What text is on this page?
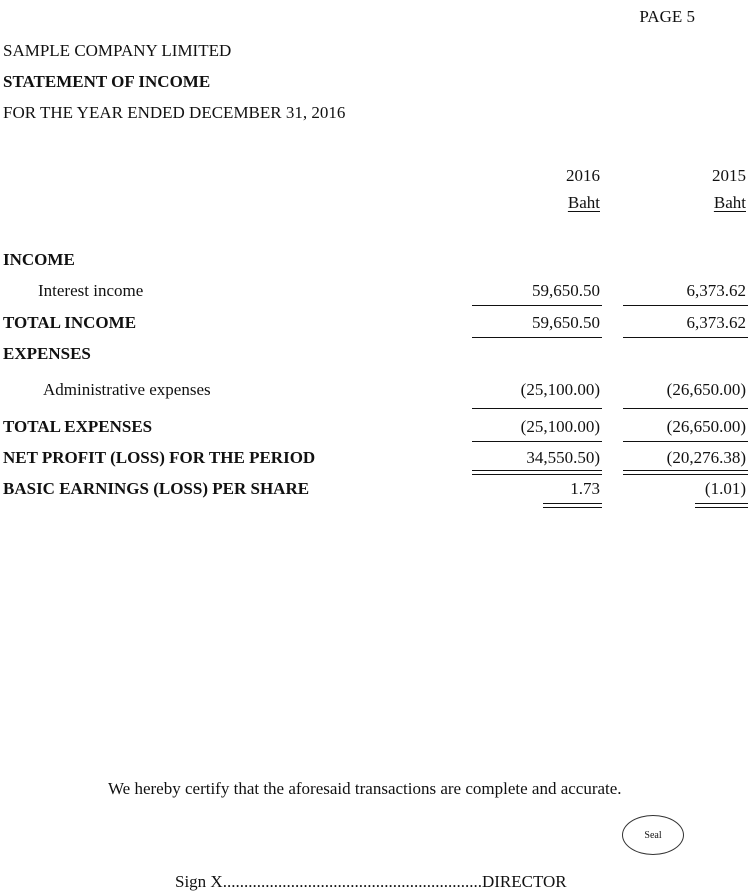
PAGE 5
SAMPLE COMPANY LIMITED
STATEMENT OF INCOME
FOR THE YEAR ENDED DECEMBER 31, 2016
2016	2015
Baht	Baht
INCOME
Interest income	59,650.50	6,373.62
TOTAL INCOME	59,650.50	6,373.62
EXPENSES
Administrative expenses	(25,100.00)	(26,650.00)
TOTAL EXPENSES	(25,100.00)	(26,650.00)
NET PROFIT (LOSS) FOR THE PERIOD	34,550.50)	(20,276.38)
BASIC EARNINGS (LOSS) PER SHARE	1.73	(1.01)
We hereby certify that the aforesaid transactions are complete and accurate.
Seal
Sign X.............................................................DIRECTOR
